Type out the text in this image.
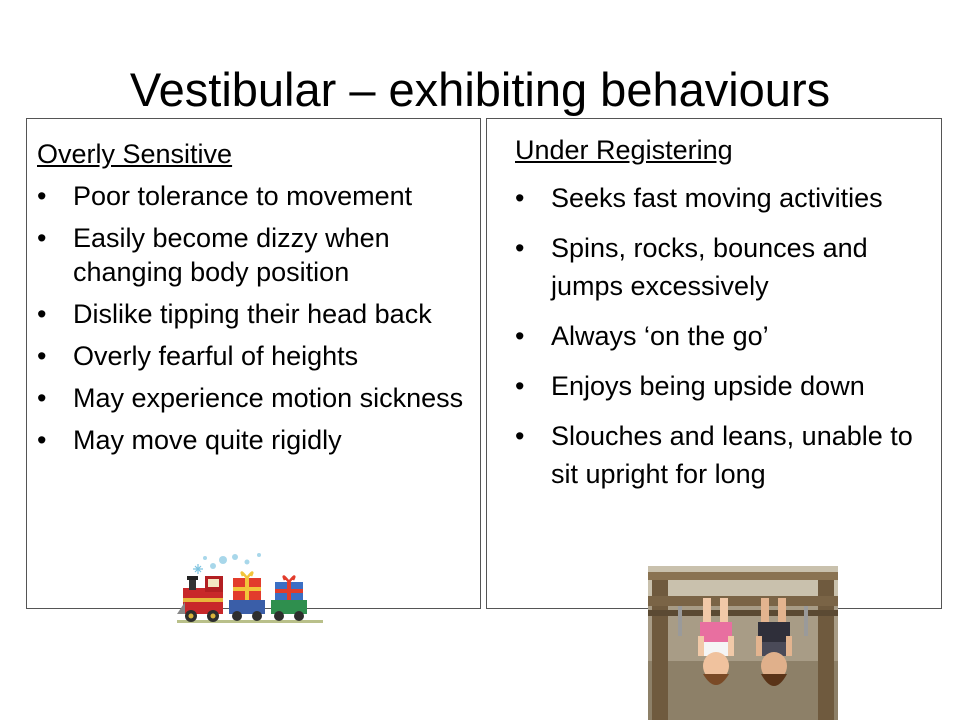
Vestibular – exhibiting behaviours
Overly Sensitive
• Poor tolerance to movement
• Easily become dizzy when changing body position
• Dislike tipping their head back
• Overly fearful of heights
• May experience motion sickness
• May move quite rigidly
Under Registering
• Seeks fast moving activities
• Spins, rocks, bounces and jumps excessively
• Always ‘on the go’
• Enjoys being upside down
• Slouches and leans, unable to sit upright for long
